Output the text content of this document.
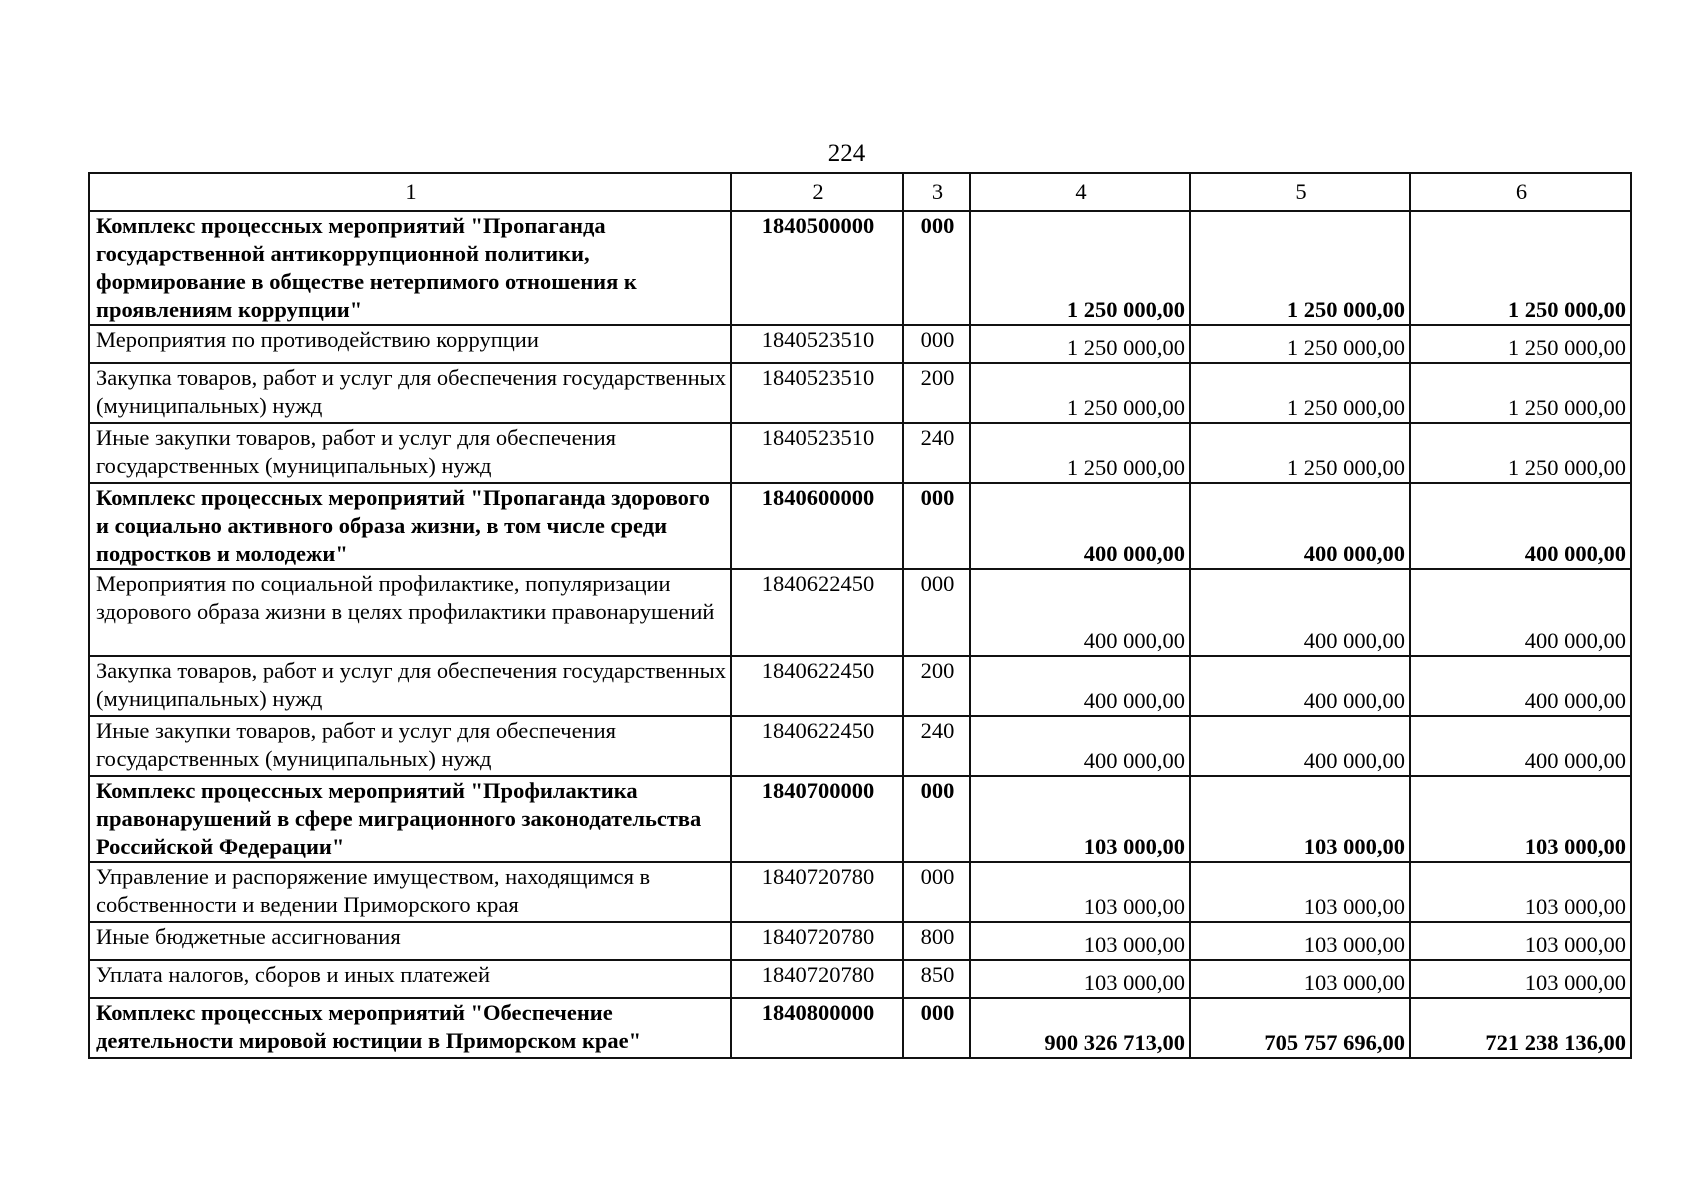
224
1	2	3	4	5	6
Комплекс процессных мероприятий "Пропаганда государственной антикоррупционной политики, формирование в обществе нетерпимого отношения к проявлениям коррупции"	1840500000	000	1 250 000,00	1 250 000,00	1 250 000,00
Мероприятия по противодействию коррупции	1840523510	000	1 250 000,00	1 250 000,00	1 250 000,00
Закупка товаров, работ и услуг для обеспечения государственных (муниципальных) нужд	1840523510	200	1 250 000,00	1 250 000,00	1 250 000,00
Иные закупки товаров, работ и услуг для обеспечения государственных (муниципальных) нужд	1840523510	240	1 250 000,00	1 250 000,00	1 250 000,00
Комплекс процессных мероприятий "Пропаганда здорового и социально активного образа жизни, в том числе среди подростков и молодежи"	1840600000	000	400 000,00	400 000,00	400 000,00
Мероприятия по социальной профилактике, популяризации здорового образа жизни в целях профилактики правонарушений	1840622450	000	400 000,00	400 000,00	400 000,00
Закупка товаров, работ и услуг для обеспечения государственных (муниципальных) нужд	1840622450	200	400 000,00	400 000,00	400 000,00
Иные закупки товаров, работ и услуг для обеспечения государственных (муниципальных) нужд	1840622450	240	400 000,00	400 000,00	400 000,00
Комплекс процессных мероприятий "Профилактика правонарушений в сфере миграционного законодательства Российской Федерации"	1840700000	000	103 000,00	103 000,00	103 000,00
Управление и распоряжение имуществом, находящимся в собственности и ведении Приморского края	1840720780	000	103 000,00	103 000,00	103 000,00
Иные бюджетные ассигнования	1840720780	800	103 000,00	103 000,00	103 000,00
Уплата налогов, сборов и иных платежей	1840720780	850	103 000,00	103 000,00	103 000,00
Комплекс процессных мероприятий "Обеспечение деятельности мировой юстиции в Приморском крае"	1840800000	000	900 326 713,00	705 757 696,00	721 238 136,00
